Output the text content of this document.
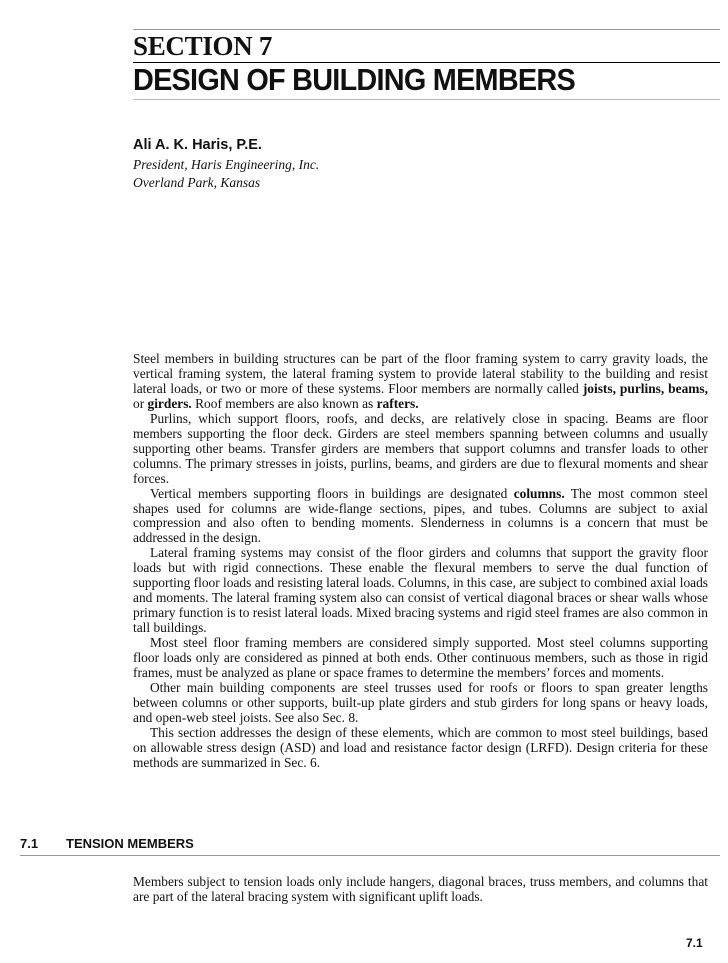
SECTION 7
DESIGN OF BUILDING MEMBERS
Ali A. K. Haris, P.E.
President, Haris Engineering, Inc.
Overland Park, Kansas

Steel members in building structures can be part of the floor framing system to carry gravity loads, the vertical framing system, the lateral framing system to provide lateral stability to the building and resist lateral loads, or two or more of these systems. Floor members are normally called joists, purlins, beams, or girders. Roof members are also known as rafters.

Purlins, which support floors, roofs, and decks, are relatively close in spacing. Beams are floor members supporting the floor deck. Girders are steel members spanning between columns and usually supporting other beams. Transfer girders are members that support columns and transfer loads to other columns. The primary stresses in joists, purlins, beams, and girders are due to flexural moments and shear forces.

Vertical members supporting floors in buildings are designated columns. The most common steel shapes used for columns are wide-flange sections, pipes, and tubes. Columns are subject to axial compression and also often to bending moments. Slenderness in columns is a concern that must be addressed in the design.

Lateral framing systems may consist of the floor girders and columns that support the gravity floor loads but with rigid connections. These enable the flexural members to serve the dual function of supporting floor loads and resisting lateral loads. Columns, in this case, are subject to combined axial loads and moments. The lateral framing system also can consist of vertical diagonal braces or shear walls whose primary function is to resist lateral loads. Mixed bracing systems and rigid steel frames are also common in tall buildings.

Most steel floor framing members are considered simply supported. Most steel columns supporting floor loads only are considered as pinned at both ends. Other continuous members, such as those in rigid frames, must be analyzed as plane or space frames to determine the members’ forces and moments.

Other main building components are steel trusses used for roofs or floors to span greater lengths between columns or other supports, built-up plate girders and stub girders for long spans or heavy loads, and open-web steel joists. See also Sec. 8.

This section addresses the design of these elements, which are common to most steel buildings, based on allowable stress design (ASD) and load and resistance factor design (LRFD). Design criteria for these methods are summarized in Sec. 6.

7.1 TENSION MEMBERS

Members subject to tension loads only include hangers, diagonal braces, truss members, and columns that are part of the lateral bracing system with significant uplift loads.

7.1
